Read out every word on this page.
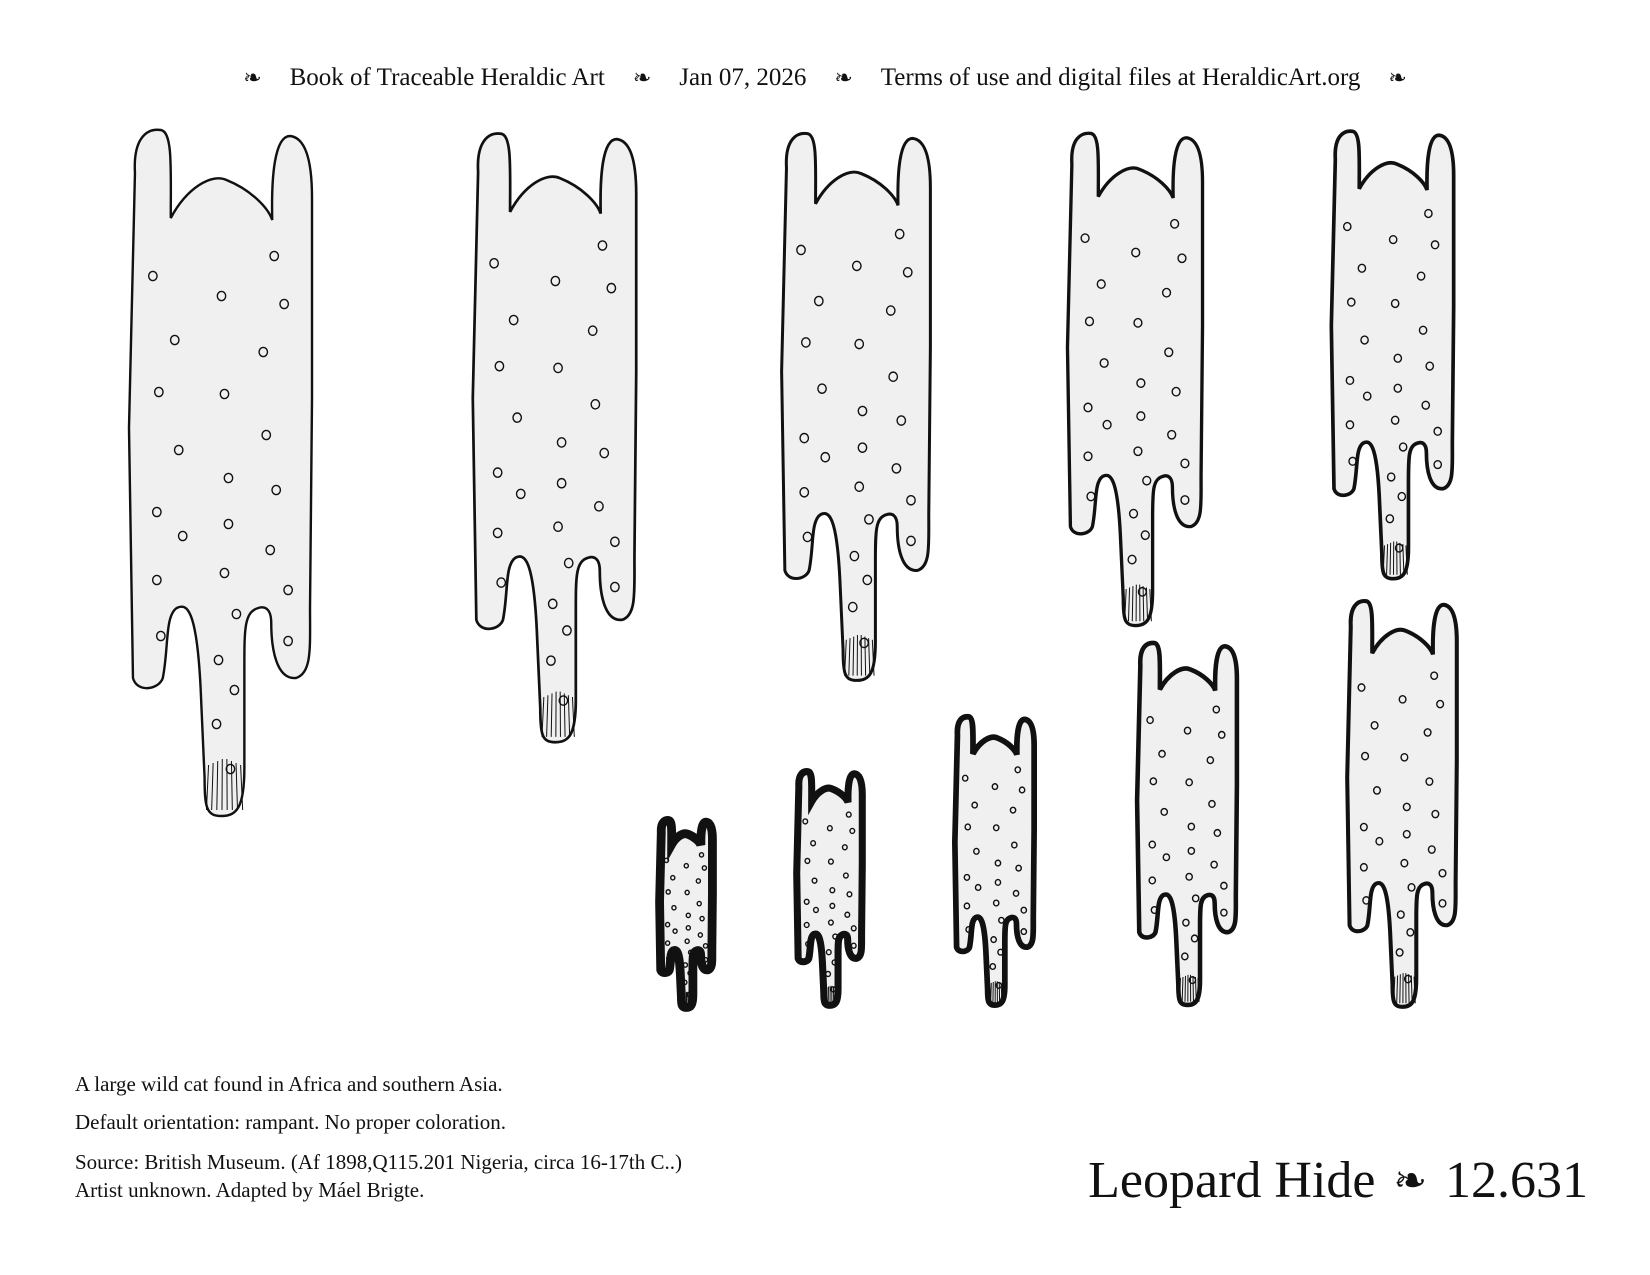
❧ Book of Traceable Heraldic Art ❧ Jan 07, 2026 ❧ Terms of use and digital files at HeraldicArt.org ❧
A large wild cat found in Africa and southern Asia.
Default orientation: rampant. No proper coloration.
Source: British Museum. (Af 1898,Q115.201 Nigeria, circa 16-17th C..)
Artist unknown. Adapted by Máel Brigte.	Leopard Hide ❧ 12.631
